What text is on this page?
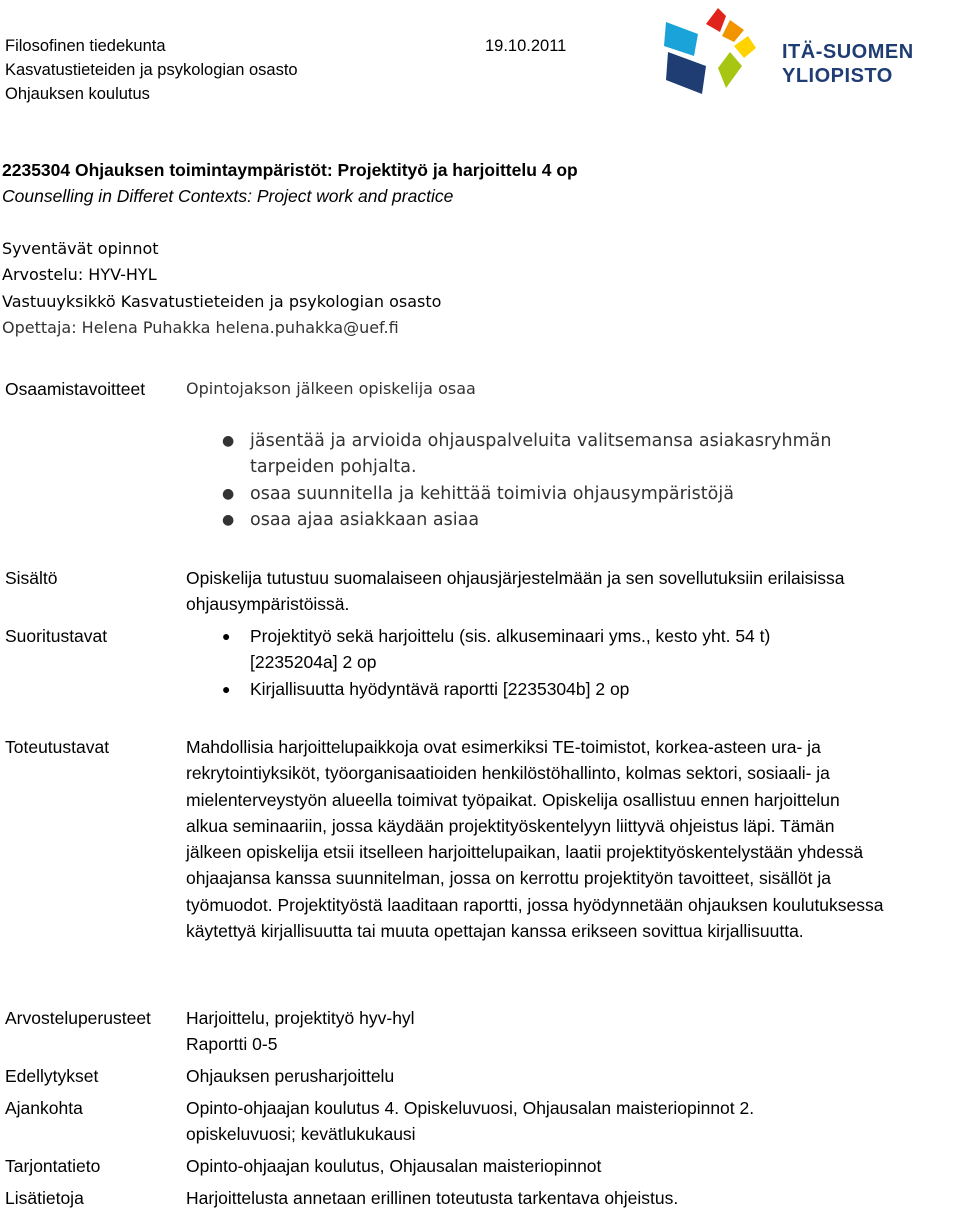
Filosofinen tiedekunta
Kasvatustieteiden ja psykologian osasto
Ohjauksen koulutus
19.10.2011	ITÄ-SUOMEN
YLIOPISTO
2235304 Ohjauksen toimintaympäristöt: Projektityö ja harjoittelu 4 op
Counselling in Differet Contexts: Project work and practice
Syventävät opinnot
Arvostelu: HYV-HYL
Vastuuyksikkö Kasvatustieteiden ja psykologian osasto
Opettaja: Helena Puhakka helena.puhakka@uef.fi
Osaamistavoitteet	Opintojakson jälkeen opiskelija osaa
● jäsentää ja arvioida ohjauspalveluita valitsemansa asiakasryhmän tarpeiden pohjalta.
● osaa suunnitella ja kehittää toimivia ohjausympäristöjä
● osaa ajaa asiakkaan asiaa
Sisältö	Opiskelija tutustuu suomalaiseen ohjausjärjestelmään ja sen sovellutuksiin erilaisissa ohjausympäristöissä.
Suoritustavat	● Projektityö sekä harjoittelu (sis. alkuseminaari yms., kesto yht. 54 t) [2235204a] 2 op
● Kirjallisuutta hyödyntävä raportti [2235304b] 2 op
Toteutustavat	Mahdollisia harjoittelupaikkoja ovat esimerkiksi TE-toimistot, korkea-asteen ura- ja rekrytointiyksiköt, työorganisaatioiden henkilöstöhallinto, kolmas sektori, sosiaali- ja mielenterveystyön alueella toimivat työpaikat. Opiskelija osallistuu ennen harjoittelun alkua seminaariin, jossa käydään projektityöskentelyyn liittyvä ohjeistus läpi. Tämän jälkeen opiskelija etsii itselleen harjoittelupaikan, laatii projektityöskentelystään yhdessä ohjaajansa kanssa suunnitelman, jossa on kerrottu projektityön tavoitteet, sisällöt ja työmuodot. Projektityöstä laaditaan raportti, jossa hyödynnetään ohjauksen koulutuksessa käytettyä kirjallisuutta tai muuta opettajan kanssa erikseen sovittua kirjallisuutta.
Arvosteluperusteet Harjoittelu, projektityö hyv-hyl
Raportti 0-5
Edellytykset	Ohjauksen perusharjoittelu
Ajankohta	Opinto-ohjaajan koulutus 4. Opiskeluvuosi, Ohjausalan maisteriopinnot 2. opiskeluvuosi; kevätlukukausi
Tarjontatieto	Opinto-ohjaajan koulutus, Ohjausalan maisteriopinnot
Lisätietoja	Harjoittelusta annetaan erillinen toteutusta tarkentava ohjeistus.
